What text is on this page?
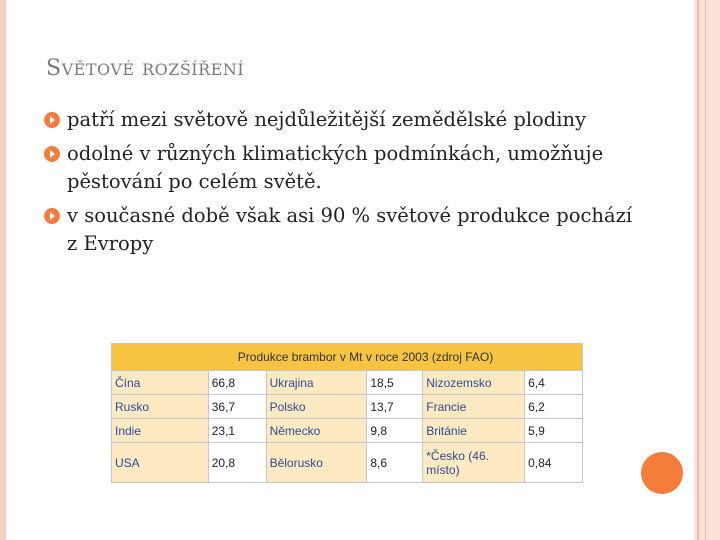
SVĚTOVÉ ROZŠÍŘENÍ
patří mezi světově nejdůležitější zemědělské plodiny
odolné v různých klimatických podmínkách, umožňuje pěstování po celém světě.
v současné době však asi 90 % světové produkce pochází z Evropy
Produkce brambor v Mt v roce 2003 (zdroj FAO)					
Čína	66,8	Ukrajina	18,5	Nizozemsko	6,4
Rusko	36,7	Polsko	13,7	Francie	6,2
Indie	23,1	Německo	9,8	Británie	5,9
USA	20,8	Bělorusko	8,6	*Česko (46. místo)	0,84
